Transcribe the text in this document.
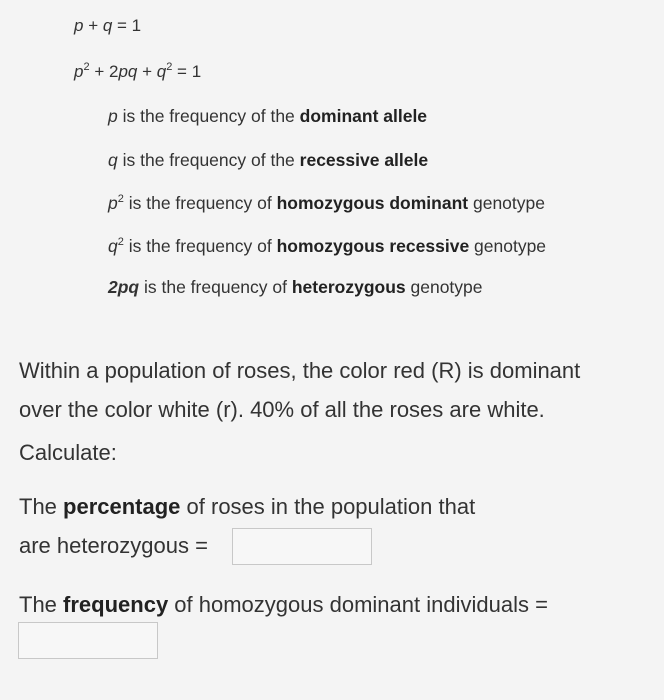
p + q = 1
$p^2 + 2pq + q^2 = 1$
p is the frequency of the dominant allele
q is the frequency of the recessive allele
$p^2$ is the frequency of homozygous dominant genotype
$q^2$ is the frequency of homozygous recessive genotype
2pq is the frequency of heterozygous genotype
Within a population of roses, the color red (R) is dominant
over the color white (r). 40% of all the roses are white.
Calculate:
The percentage of roses in the population that
are heterozygous =
The frequency of homozygous dominant individuals =
